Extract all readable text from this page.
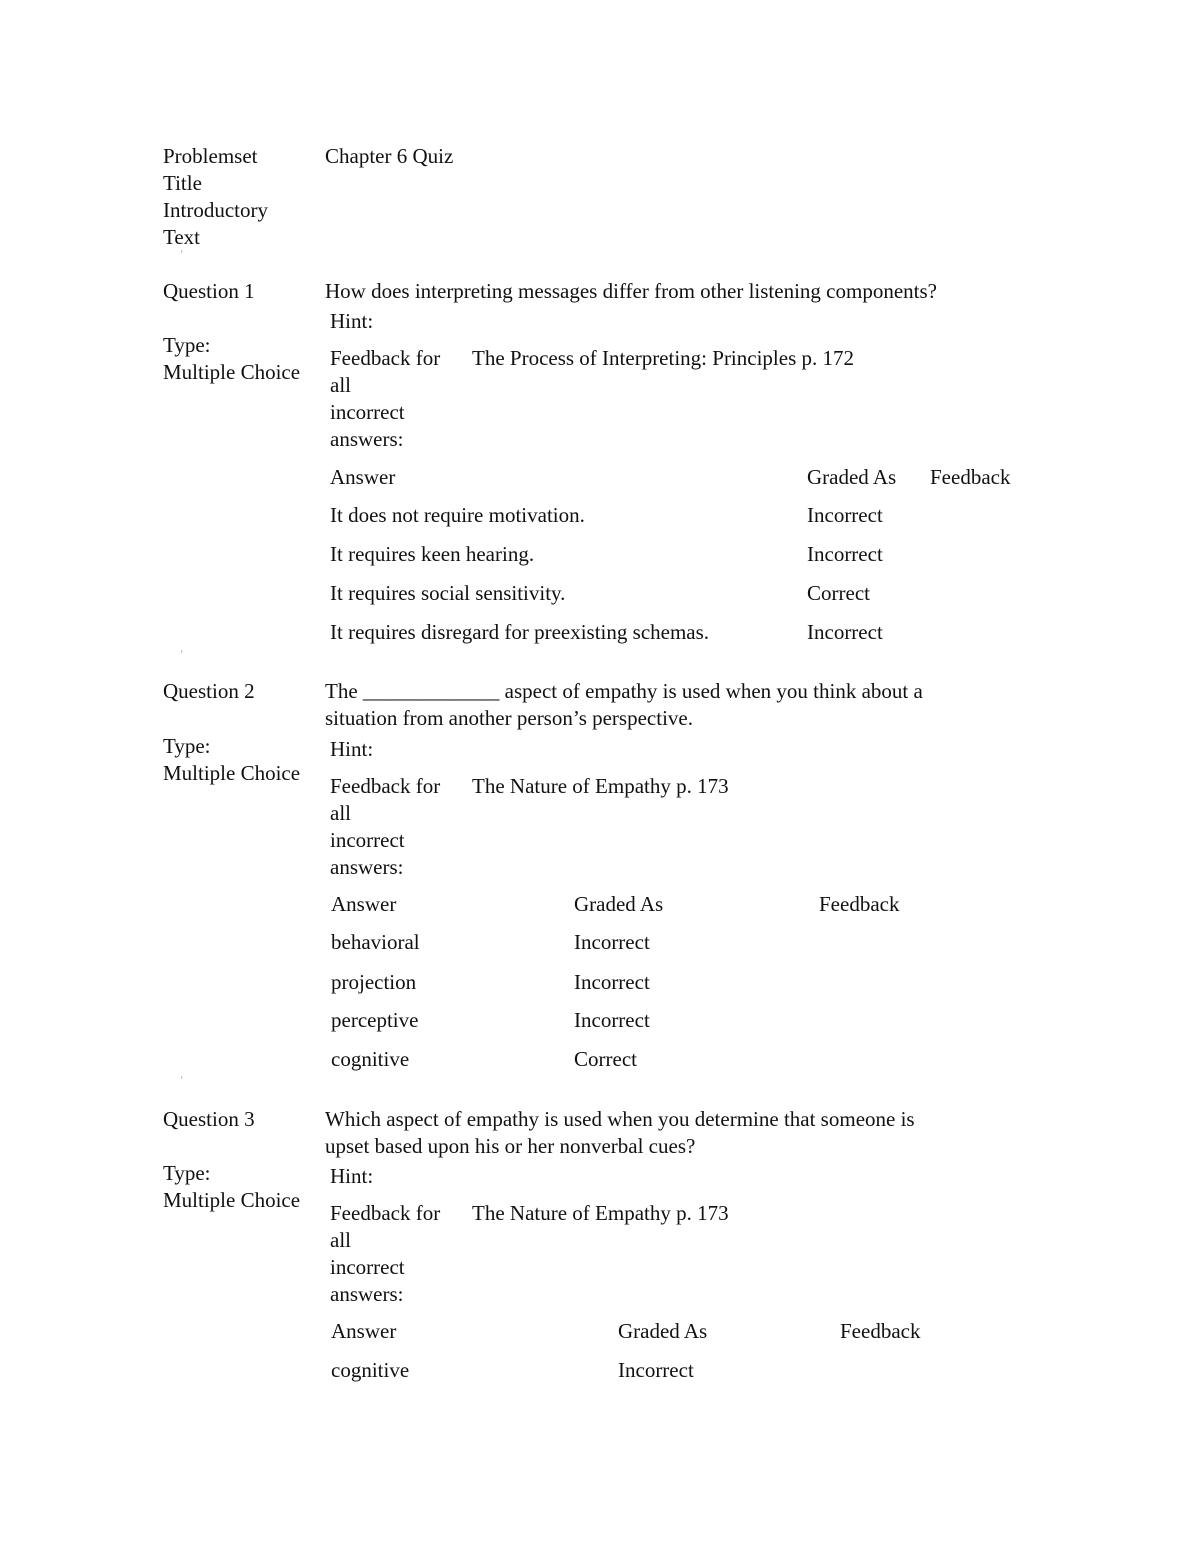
Problemset
Title
Introductory
Text
Chapter 6 Quiz
'
Question 1
Type:
Multiple Choice
How does interpreting messages differ from other listening components?
Hint:
Feedback for
all
incorrect
answers:
The Process of Interpreting: Principles p. 172
Answer	Graded As Feedback
It does not require motivation.	Incorrect
It requires keen hearing.	Incorrect
It requires social sensitivity.	Correct
It requires disregard for preexisting schemas.	Incorrect
'
Question 2
Type:
Multiple Choice
The _____________ aspect of empathy is used when you think about a
situation from another person’s perspective.
Hint:
Feedback for
all
incorrect
answers:
The Nature of Empathy p. 173
Answer	Graded As	Feedback
behavioral	Incorrect
projection	Incorrect
perceptive	Incorrect
cognitive	Correct
'
Question 3
Type:
Multiple Choice
Which aspect of empathy is used when you determine that someone is
upset based upon his or her nonverbal cues?
Hint:
Feedback for
all
incorrect
answers:
The Nature of Empathy p. 173
Answer	Graded As	Feedback
cognitive	Incorrect
